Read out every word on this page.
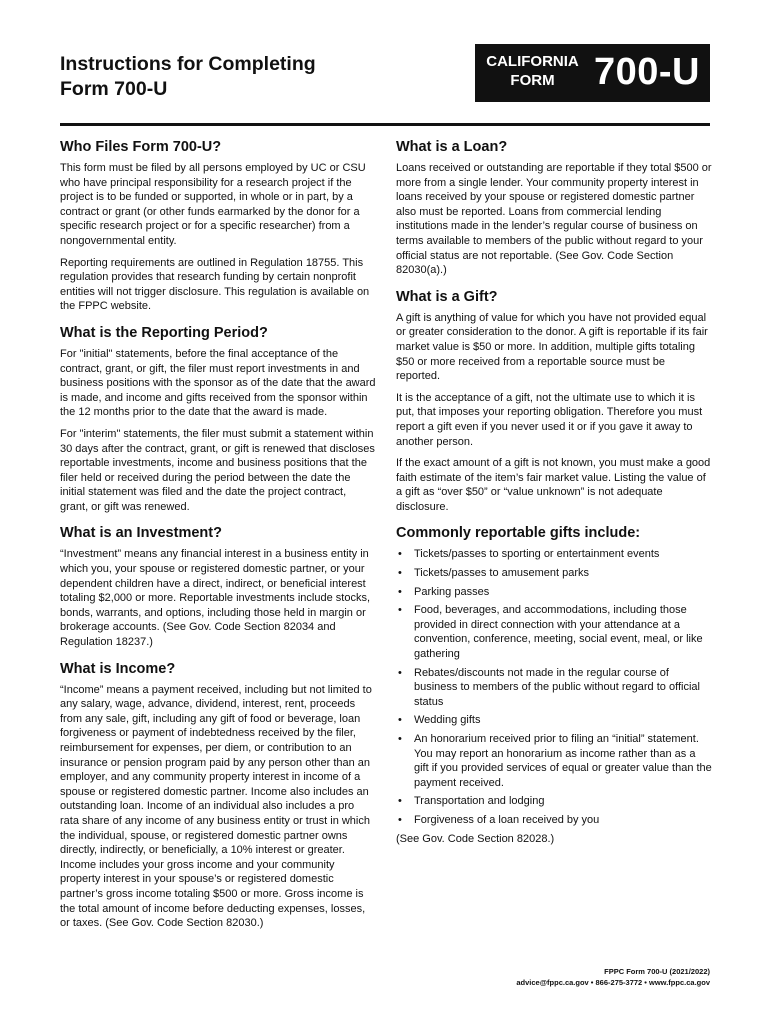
Instructions for Completing
Form 700-U
CALIFORNIA
FORM	700-U
Who Files Form 700-U?

This form must be filed by all persons employed by UC or CSU who have principal responsibility for a research project if the project is to be funded or supported, in whole or in part, by a contract or grant (or other funds earmarked by the donor for a specific research project or for a specific researcher) from a nongovernmental entity.

Reporting requirements are outlined in Regulation 18755. This regulation provides that research funding by certain nonprofit entities will not trigger disclosure. This regulation is available on the FPPC website.

What is the Reporting Period?

For "initial" statements, before the final acceptance of the contract, grant, or gift, the filer must report investments in and business positions with the sponsor as of the date that the award is made, and income and gifts received from the sponsor within the 12 months prior to the date that the award is made.

For "interim" statements, the filer must submit a statement within 30 days after the contract, grant, or gift is renewed that discloses reportable investments, income and business positions that the filer held or received during the period between the date the initial statement was filed and the date the project contract, grant, or gift was renewed.

What is an Investment?

“Investment” means any financial interest in a business entity in which you, your spouse or registered domestic partner, or your dependent children have a direct, indirect, or beneficial interest totaling $2,000 or more. Reportable investments include stocks, bonds, warrants, and options, including those held in margin or brokerage accounts. (See Gov. Code Section 82034 and Regulation 18237.)

What is Income?

“Income” means a payment received, including but not limited to any salary, wage, advance, dividend, interest, rent, proceeds from any sale, gift, including any gift of food or beverage, loan forgiveness or payment of indebtedness received by the filer, reimbursement for expenses, per diem, or contribution to an insurance or pension program paid by any person other than an employer, and any community property interest in income of a spouse or registered domestic partner. Income also includes an outstanding loan. Income of an individual also includes a pro rata share of any income of any business entity or trust in which the individual, spouse, or registered domestic partner owns directly, indirectly, or beneficially, a 10% interest or greater. Income includes your gross income and your community property interest in your spouse’s or registered domestic partner’s gross income totaling $500 or more. Gross income is the total amount of income before deducting expenses, losses, or taxes. (See Gov. Code Section 82030.)

What is a Loan?

Loans received or outstanding are reportable if they total $500 or more from a single lender. Your community property interest in loans received by your spouse or registered domestic partner also must be reported. Loans from commercial lending institutions made in the lender’s regular course of business on terms available to members of the public without regard to your official status are not reportable. (See Gov. Code Section 82030(a).)

What is a Gift?

A gift is anything of value for which you have not provided equal or greater consideration to the donor. A gift is reportable if its fair market value is $50 or more. In addition, multiple gifts totaling $50 or more received from a reportable source must be reported.

It is the acceptance of a gift, not the ultimate use to which it is put, that imposes your reporting obligation. Therefore you must report a gift even if you never used it or if you gave it away to another person.

If the exact amount of a gift is not known, you must make a good faith estimate of the item’s fair market value. Listing the value of a gift as “over $50” or “value unknown” is not adequate disclosure.

Commonly reportable gifts include:
• Tickets/passes to sporting or entertainment events
• Tickets/passes to amusement parks
• Parking passes
• Food, beverages, and accommodations, including those provided in direct connection with your attendance at a convention, conference, meeting, social event, meal, or like gathering
• Rebates/discounts not made in the regular course of business to members of the public without regard to official status
• Wedding gifts
• An honorarium received prior to filing an “initial” statement. You may report an honorarium as income rather than as a gift if you provided services of equal or greater value than the payment received.
• Transportation and lodging
• Forgiveness of a loan received by you

(See Gov. Code Section 82028.)

FPPC Form 700-U (2021/2022)
advice@fppc.ca.gov • 866-275-3772 • www.fppc.ca.gov
